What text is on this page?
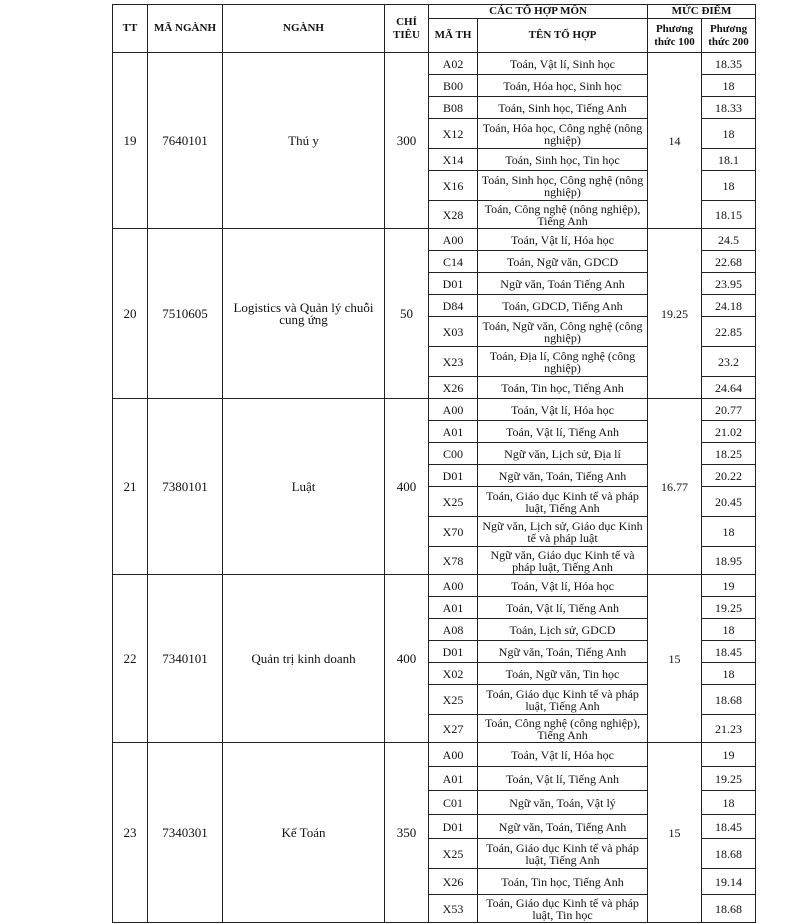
TT	MÃ NGÀNH	NGÀNH	CHỈ TIÊU	CÁC TỔ HỢP MÔN		MỨC ĐIỂM	
				MÃ TH	TÊN TỔ HỢP	Phương thức 100	Phương thức 200
19	7640101	Thú y	300	A02	Toán, Vật lí, Sinh học	14	18.35
				B00	Toán, Hóa học, Sinh học		18
				B08	Toán, Sinh học, Tiếng Anh		18.33
				X12	Toán, Hóa học, Công nghệ (nông nghiệp)		18
				X14	Toán, Sinh học, Tin học		18.1
				X16	Toán, Sinh học, Công nghệ (nông nghiệp)		18
				X28	Toán, Công nghệ (nông nghiệp), Tiếng Anh		18.15
20	7510605	Logistics và Quản lý chuỗi cung ứng	50	A00	Toán, Vật lí, Hóa học	19.25	24.5
				C14	Toán, Ngữ văn, GDCD		22.68
				D01	Ngữ văn, Toán Tiếng Anh		23.95
				D84	Toán, GDCD, Tiếng Anh		24.18
				X03	Toán, Ngữ văn, Công nghệ (công nghiệp)		22.85
				X23	Toán, Địa lí, Công nghệ (công nghiệp)		23.2
				X26	Toán, Tin học, Tiếng Anh		24.64
21	7380101	Luật	400	A00	Toán, Vật lí, Hóa học	16.77	20.77
				A01	Toán, Vật lí, Tiếng Anh		21.02
				C00	Ngữ văn, Lịch sử, Địa lí		18.25
				D01	Ngữ văn, Toán, Tiếng Anh		20.22
				X25	Toán, Giáo dục Kinh tế và pháp luật, Tiếng Anh		20.45
				X70	Ngữ văn, Lịch sử, Giáo dục Kinh tế và pháp luật		18
				X78	Ngữ văn, Giáo dục Kinh tế và pháp luật, Tiếng Anh		18.95
22	7340101	Quản trị kinh doanh	400	A00	Toán, Vật lí, Hóa học	15	19
				A01	Toán, Vật lí, Tiếng Anh		19.25
				A08	Toán, Lịch sử, GDCD		18
				D01	Ngữ văn, Toán, Tiếng Anh		18.45
				X02	Toán, Ngữ văn, Tin học		18
				X25	Toán, Giáo dục Kinh tế và pháp luật, Tiếng Anh		18.68
				X27	Toán, Công nghệ (công nghiệp), Tiếng Anh		21.23
23	7340301	Kế Toán	350	A00	Toán, Vật lí, Hóa học	15	19
				A01	Toán, Vật lí, Tiếng Anh		19.25
				C01	Ngữ văn, Toán, Vật lý		18
				D01	Ngữ văn, Toán, Tiếng Anh		18.45
				X25	Toán, Giáo dục Kinh tế và pháp luật, Tiếng Anh		18.68
				X26	Toán, Tin học, Tiếng Anh		19.14
				X53	Toán, Giáo dục Kinh tế và pháp luật, Tin học		18.68
